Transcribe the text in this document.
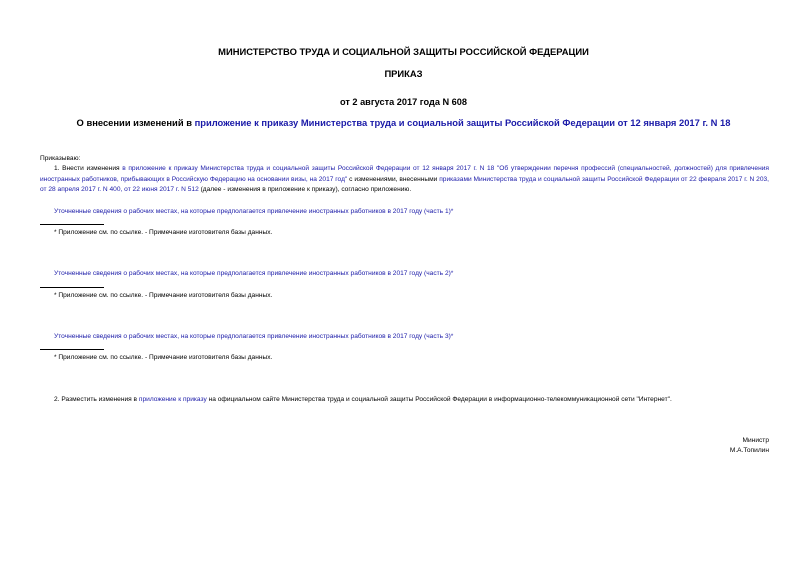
МИНИСТЕРСТВО ТРУДА И СОЦИАЛЬНОЙ ЗАЩИТЫ РОССИЙСКОЙ ФЕДЕРАЦИИ
ПРИКАЗ
от 2 августа 2017 года N 608
О внесении изменений в приложение к приказу Министерства труда и социальной защиты Российской Федерации от 12 января 2017 г. N 18
Приказываю:
1. Внести изменения в приложение к приказу Министерства труда и социальной защиты Российской Федерации от 12 января 2017 г. N 18 "Об утверждении перечня профессий (специальностей, должностей) для привлечения иностранных работников, прибывающих в Российскую Федерацию на основании визы, на 2017 год" с изменениями, внесенными приказами Министерства труда и социальной защиты Российской Федерации от 22 февраля 2017 г. N 203, от 28 апреля 2017 г. N 400, от 22 июня 2017 г. N 512 (далее - изменения в приложение к приказу), согласно приложению.
Уточненные сведения о рабочих местах, на которые предполагается привлечение иностранных работников в 2017 году (часть 1)*
* Приложение см. по ссылке. - Примечание изготовителя базы данных.
Уточненные сведения о рабочих местах, на которые предполагается привлечение иностранных работников в 2017 году (часть 2)*
* Приложение см. по ссылке. - Примечание изготовителя базы данных.
Уточненные сведения о рабочих местах, на которые предполагается привлечение иностранных работников в 2017 году (часть 3)*
* Приложение см. по ссылке. - Примечание изготовителя базы данных.
2. Разместить изменения в приложение к приказу на официальном сайте Министерства труда и социальной защиты Российской Федерации в информационно-телекоммуникационной сети "Интернет".
Министр
М.А.Топилин
